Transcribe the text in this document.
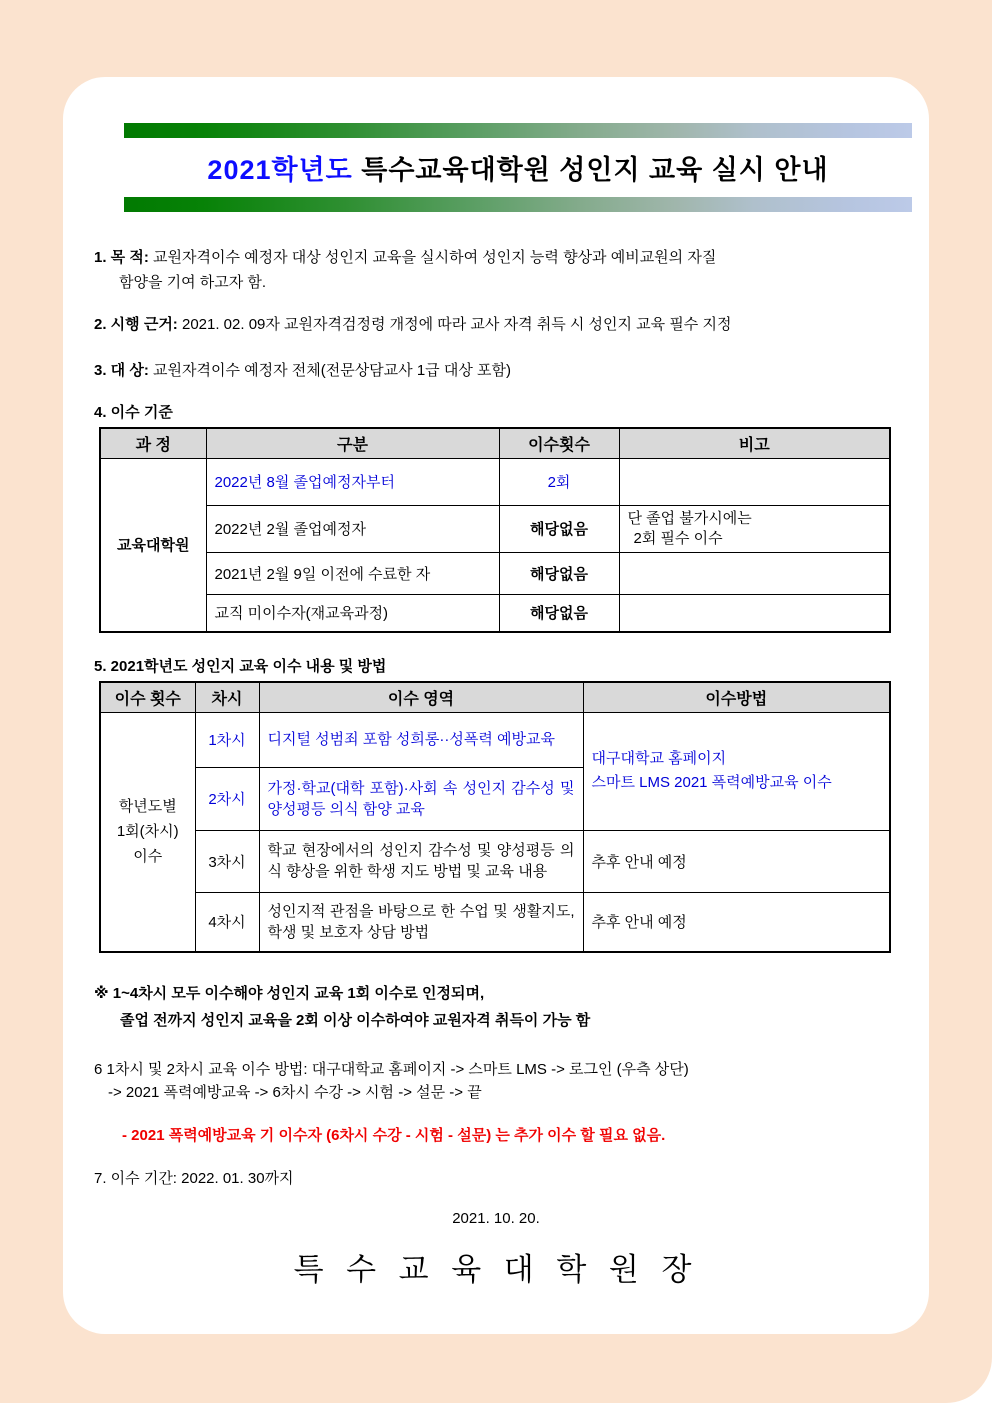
2021학년도 특수교육대학원 성인지 교육 실시 안내
1. 목 적: 교원자격이수 예정자 대상 성인지 교육을 실시하여 성인지 능력 향상과 예비교원의 자질
함양을 기여 하고자 함.
2. 시행 근거: 2021. 02. 09자 교원자격검정령 개정에 따라 교사 자격 취득 시 성인지 교육 필수 지정
3. 대 상: 교원자격이수 예정자 전체(전문상담교사 1급 대상 포함)
4. 이수 기준
과 정	구분	이수횟수	비고
교육대학원	2022년 8월 졸업예정자부터	2회	
	2022년 2월 졸업예정자	해당없음	단 졸업 불가시에는
2회 필수 이수

	2021년 2월 9일 이전에 수료한 자	해당없음	
	교직 미이수자(재교육과정)	해당없음	
5. 2021학년도 성인지 교육 이수 내용 및 방법
이수 횟수	차시	이수 영역	이수방법

학년도별
1회(차시)
이수	1차시	디지털 성범죄 포함 성희롱··성폭력 예방교육	대구대학교 홈페이지
스마트 LMS 2021 폭력예방교육 이수

	2차시	가정·학교(대학 포함)·사회 속 성인지 감수성 및 양성평등 의식 함양 교육	
	3차시	학교 현장에서의 성인지 감수성 및 양성평등 의식 향상을 위한 학생 지도 방법 및 교육 내용	추후 안내 예정
	4차시	성인지적 관점을 바탕으로 한 수업 및 생활지도,학생 및 보호자 상담 방법	추후 안내 예정
※ 1~4차시 모두 이수해야 성인지 교육 1회 이수로 인정되며,
졸업 전까지 성인지 교육을 2회 이상 이수하여야 교원자격 취득이 가능 함
6 1차시 및 2차시 교육 이수 방법: 대구대학교 홈페이지 -> 스마트 LMS -> 로그인 (우측 상단)
-> 2021 폭력예방교육 -> 6차시 수강 -> 시험 -> 설문 -> 끝
- 2021 폭력예방교육 기 이수자 (6차시 수강 - 시험 - 설문) 는 추가 이수 할 필요 없음.
7. 이수 기간: 2022. 01. 30까지
2021. 10. 20.
특 수 교 육 대 학 원 장
